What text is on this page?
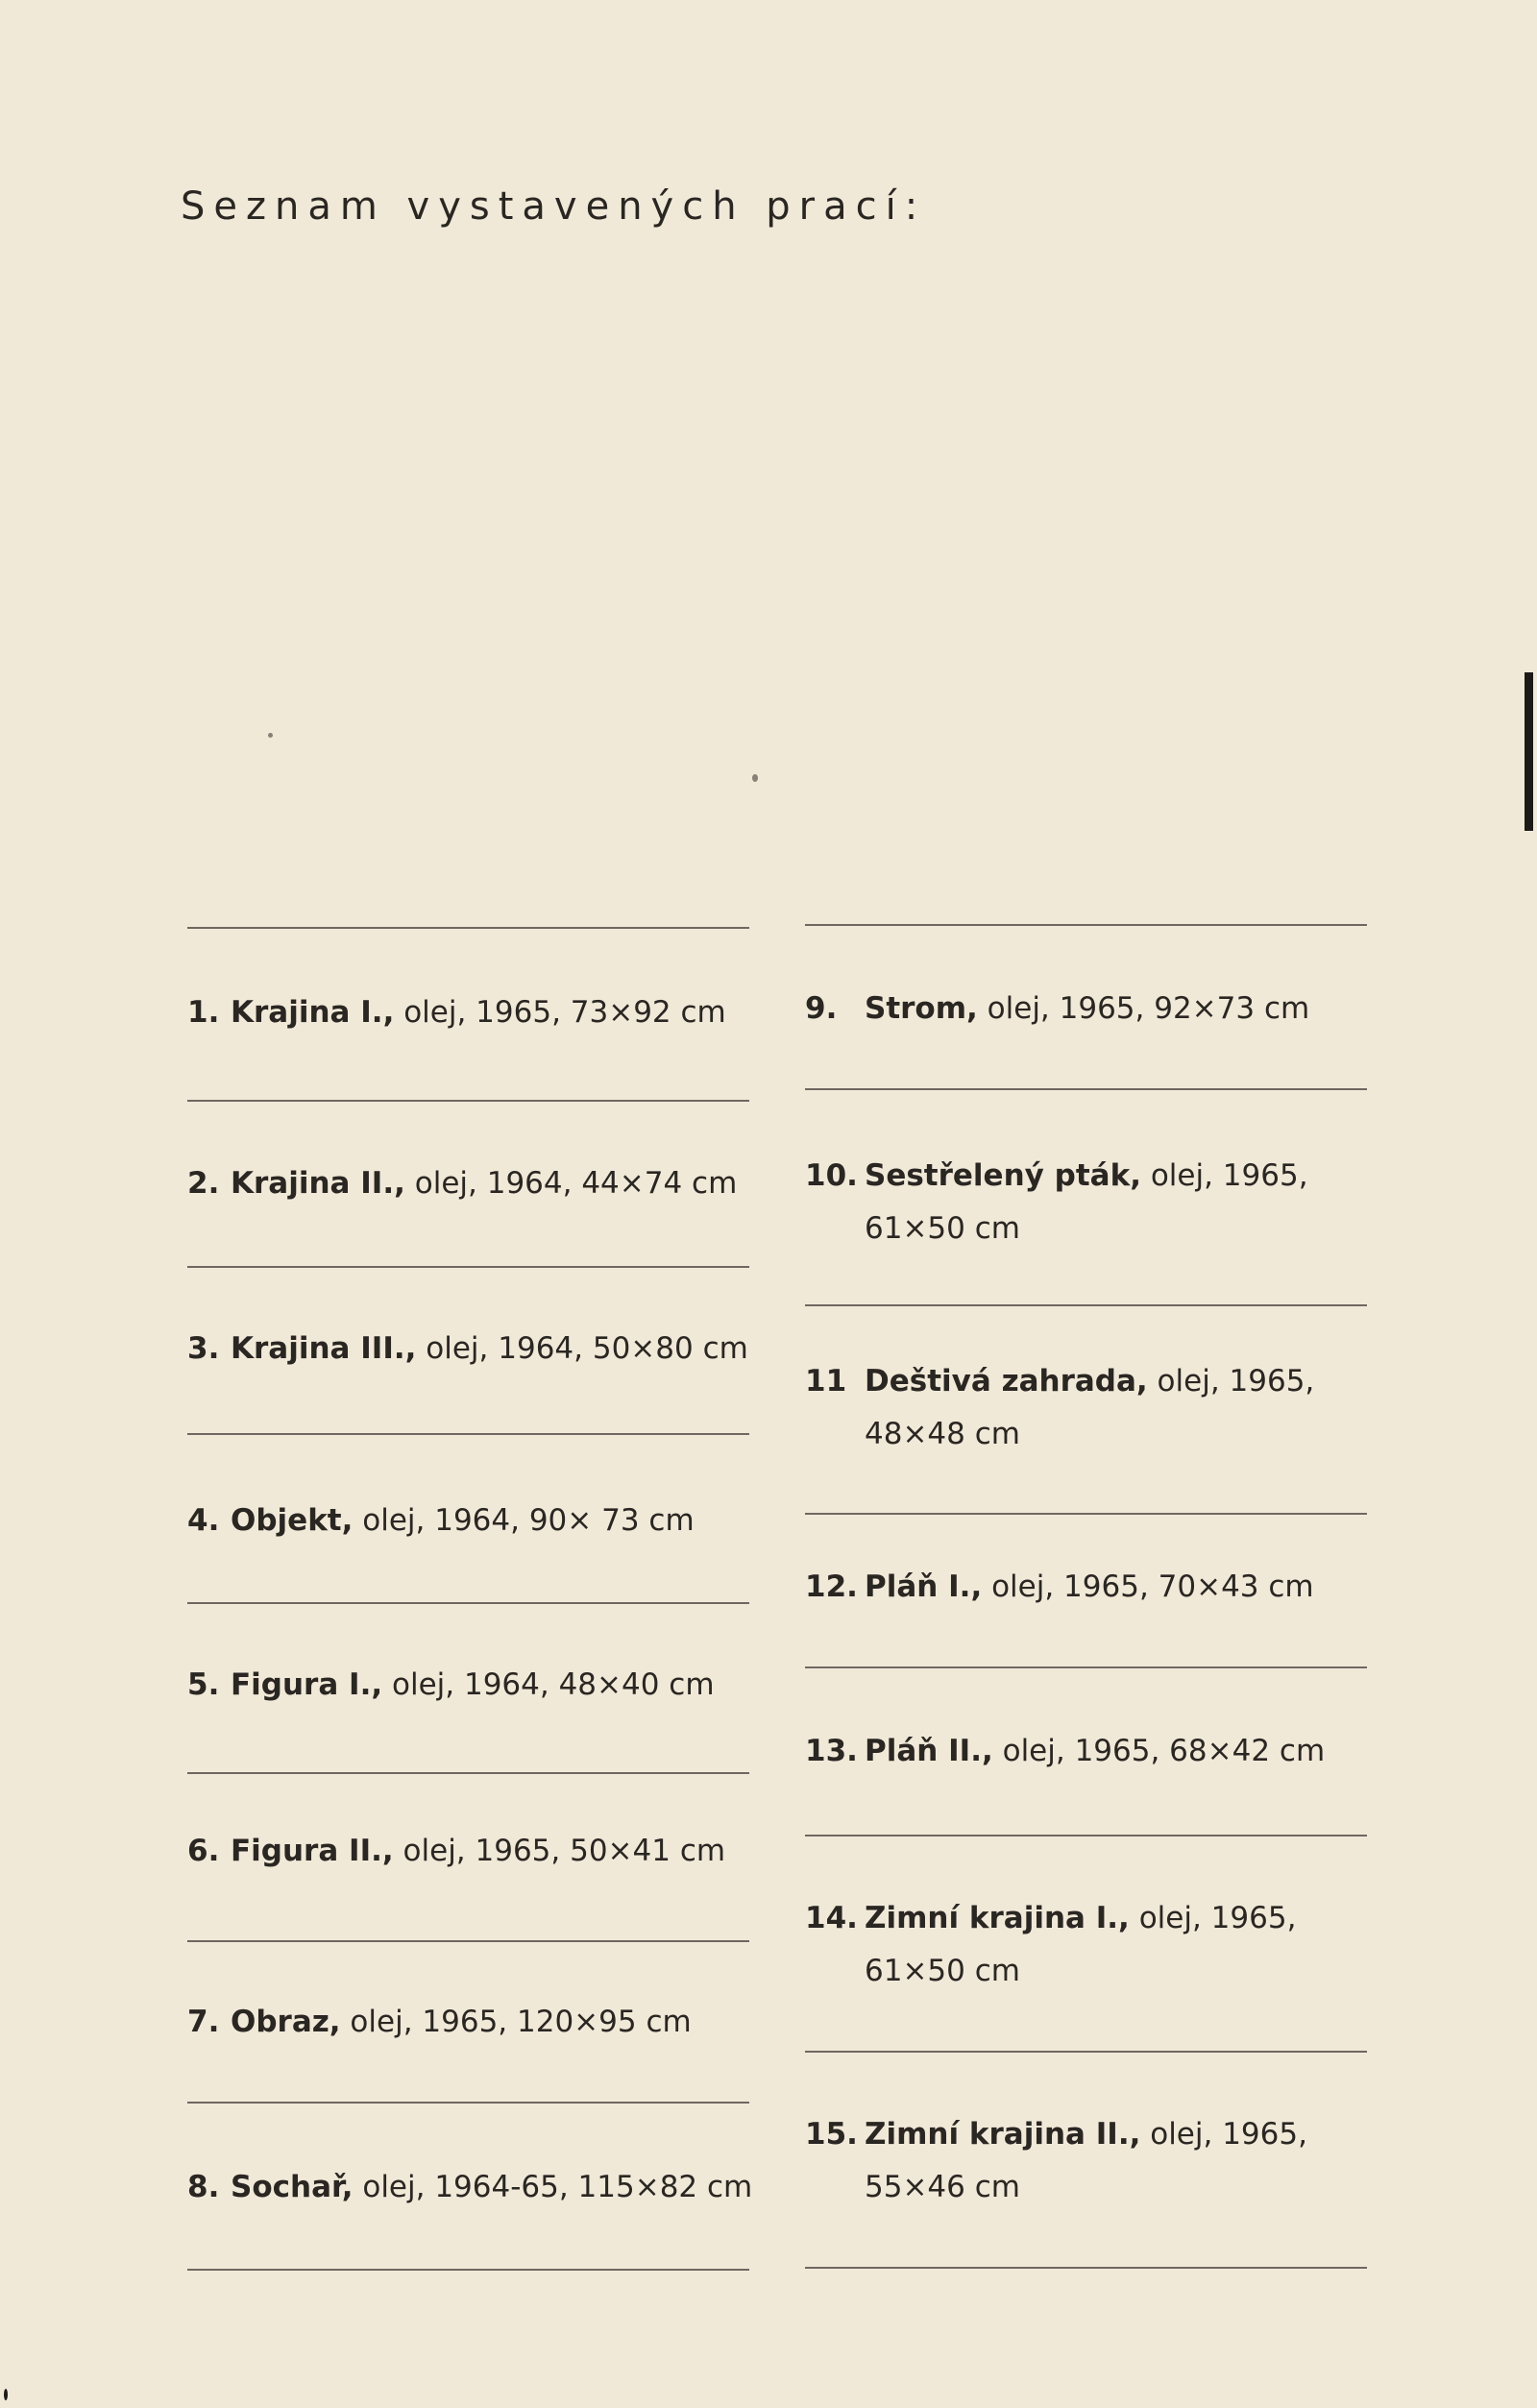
Seznam vystavených prací:
1. Krajina I., olej, 1965, 73×92 cm
2. Krajina II., olej, 1964, 44×74 cm
3. Krajina III., olej, 1964, 50×80 cm
4. Objekt, olej, 1964, 90× 73 cm
5. Figura I., olej, 1964, 48×40 cm
6. Figura II., olej, 1965, 50×41 cm
7. Obraz, olej, 1965, 120×95 cm
8. Sochař, olej, 1964-65, 115×82 cm
9. Strom, olej, 1965, 92×73 cm
10. Sestřelený pták, olej, 1965,
61×50 cm
11 Deštivá zahrada, olej, 1965,
48×48 cm
12. Pláň I., olej, 1965, 70×43 cm
13. Pláň II., olej, 1965, 68×42 cm
14. Zimní krajina I., olej, 1965,
61×50 cm
15. Zimní krajina II., olej, 1965,
55×46 cm
